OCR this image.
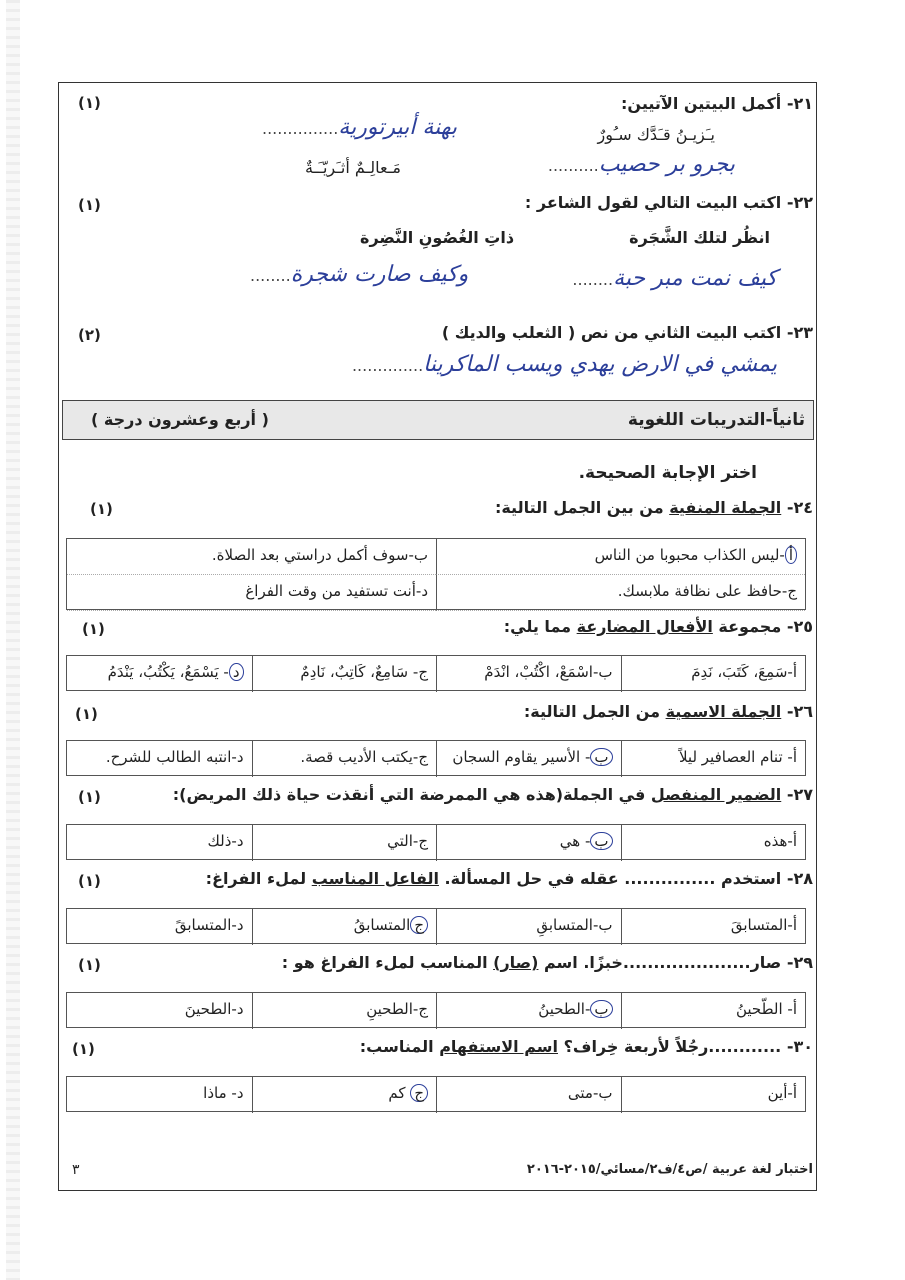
٢١- أكمل البيتين الآتيين:
(١)
يـَزيـنُ قـَدَّك سـُورٌ
بهنة أبيرتورية...............
مَـعالِـمٌ أثـَريّـَـةٌ	بجرو بر حصيب..........
٢٢- اكتب البيت التالي لقول الشاعر :
(١)
انظُر لتلك الشَّجَرة
ذاتِ الغُصُونِ النَّضِرة
كيف نمت مبر حبة........
وكيف صارت شجرة........
٢٣- اكتب البيت الثاني من نص ( الثعلب والديك )
(٢)
يمشي في الارض يهدي ويسب الماكرينا..............
ثانياً-التدريبات اللغوية
( أربع وعشرون درجة )
اختر الإجابة الصحيحة.
٢٤- الجملة المنفية من بين الجمل التالية:
(١)
أ-ليس الكذاب محبوبا من الناس
ب-سوف أكمل دراستي بعد الصلاة.
ج-حافظ على نظافة ملابسك.
د-أنت تستفيد من وقت الفراغ
٢٥- مجموعة الأفعال المضارعة مما يلي:
(١)
أ-سَمِعَ، كَتَبَ، نَدِمَ
ب-اسْمَعْ، اكْتُبْ، انْدَمْ
ج- سَامِعٌ، كَاتِبٌ، نَادِمٌ
د- يَسْمَعُ، يَكْتُبُ، يَنْدَمُ
٢٦- الجملة الاسمية من الجمل التالية:
(١)
أ- تنام العصافير ليلاً
ب- الأسير يقاوم السجان
ج-يكتب الأديب قصة.
د-انتبه الطالب للشرح.
٢٧- الضمير المنفصل في الجملة(هذه هي الممرضة التي أنقذت حياة ذلك المريض):
(١)
أ-هذه
ب- هي
ج-التي
د-ذلك
٢٨- استخدم ............... عقله في حل المسألة. الفاعل المناسب لملء الفراغ:
(١)
أ-المتسابقَ
ب-المتسابقِ
جالمتسابقُ
د-المتسابقً
٢٩- صار.....................خبزًا. اسم (صار) المناسب لملء الفراغ هو :
(١)
أ- الطّحينُ
ب-الطحينُ
ج-الطحينِ
د-الطحينَ
٣٠- ............رجُلاً لأربعة خِراف؟ اسم الاستفهام المناسب:
(١)
أ-أين
ب-متى
ج كم
د- ماذا
اختبار لغة عربية /ص٤/ف٢/مسائي/٢٠١٥-٢٠١٦
٣
